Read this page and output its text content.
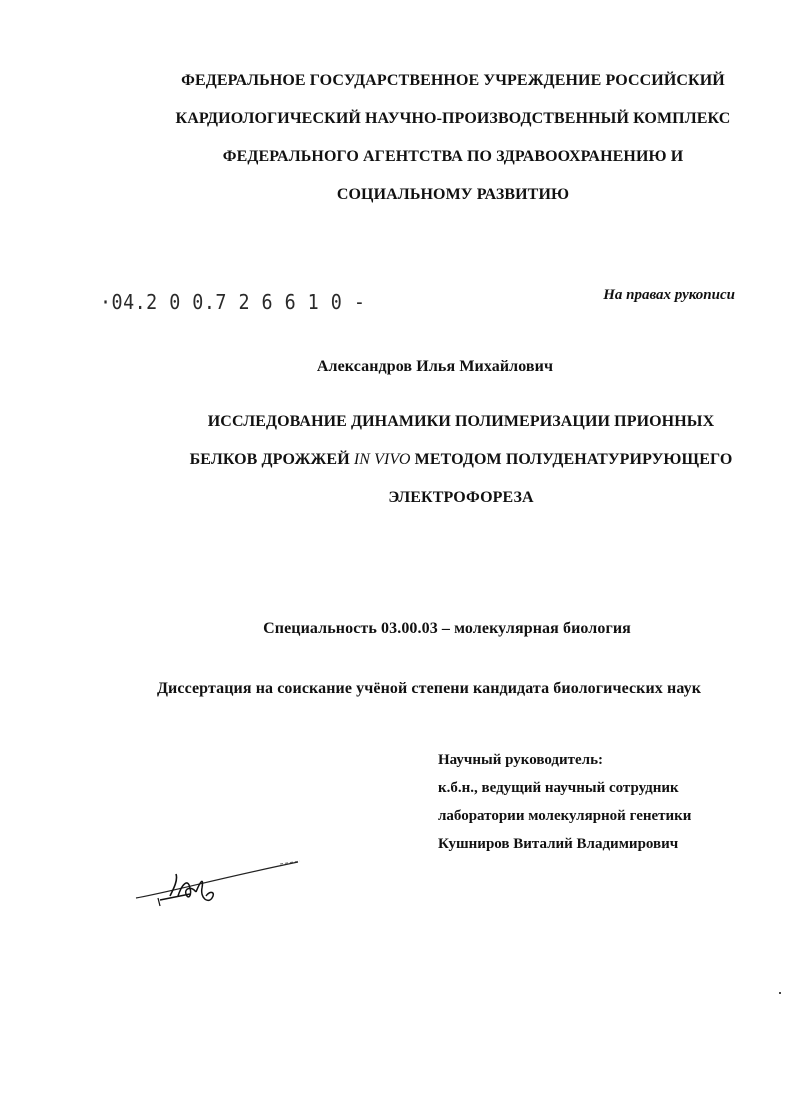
ФЕДЕРАЛЬНОЕ ГОСУДАРСТВЕННОЕ УЧРЕЖДЕНИЕ РОССИЙСКИЙ
КАРДИОЛОГИЧЕСКИЙ НАУЧНО-ПРОИЗВОДСТВЕННЫЙ КОМПЛЕКС
ФЕДЕРАЛЬНОГО АГЕНТСТВА ПО ЗДРАВООХРАНЕНИЮ И
СОЦИАЛЬНОМУ РАЗВИТИЮ
·04.2 0 0.7 2 6 6 1 0 -	На правах рукописи
Александров Илья Михайлович
ИССЛЕДОВАНИЕ ДИНАМИКИ ПОЛИМЕРИЗАЦИИ ПРИОННЫХ
БЕЛКОВ ДРОЖЖЕЙ IN VIVO МЕТОДОМ ПОЛУДЕНАТУРИРУЮЩЕГО
ЭЛЕКТРОФОРЕЗА
Специальность 03.00.03 – молекулярная биология
Диссертация на соискание учёной степени кандидата биологических наук
Научный руководитель:
к.б.н., ведущий научный сотрудник
лаборатории молекулярной генетики
Кушниров Виталий Владимирович
